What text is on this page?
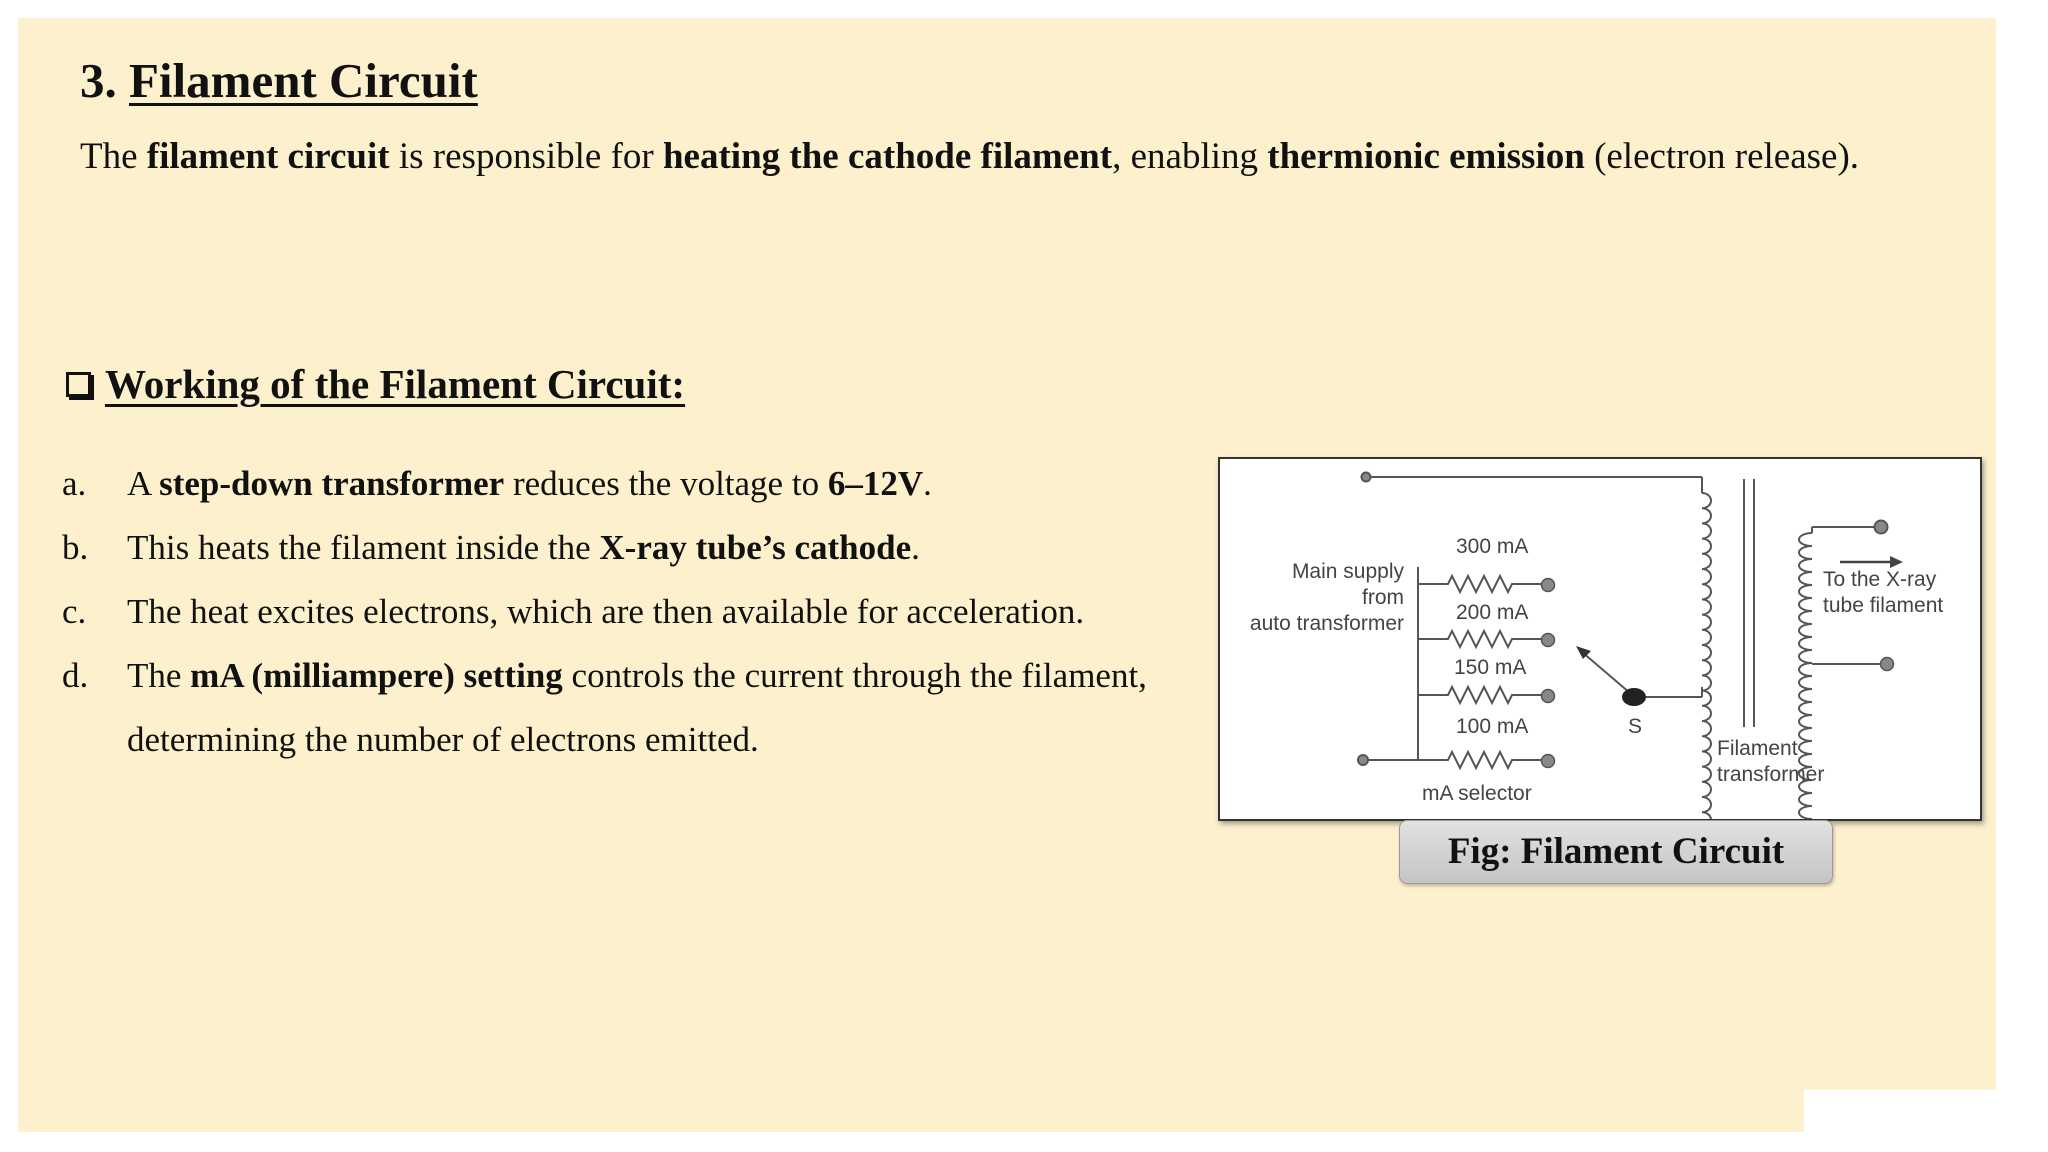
3. Filament Circuit
The filament circuit is responsible for heating the cathode filament, enabling thermionic emission (electron release).
Working of the Filament Circuit:
a. A step-down transformer reduces the voltage to 6–12V.
b. This heats the filament inside the X-ray tube’s cathode.
c. The heat excites electrons, which are then available for acceleration.
d. The mA (milliampere) setting controls the current through the filament, determining the number of electrons emitted.
Main supply
from
auto transformer
300 mA
200 mA
150 mA
100 mA	S
mA selector
Filament
transformer
To the X-ray
tube filament
Fig: Filament Circuit
